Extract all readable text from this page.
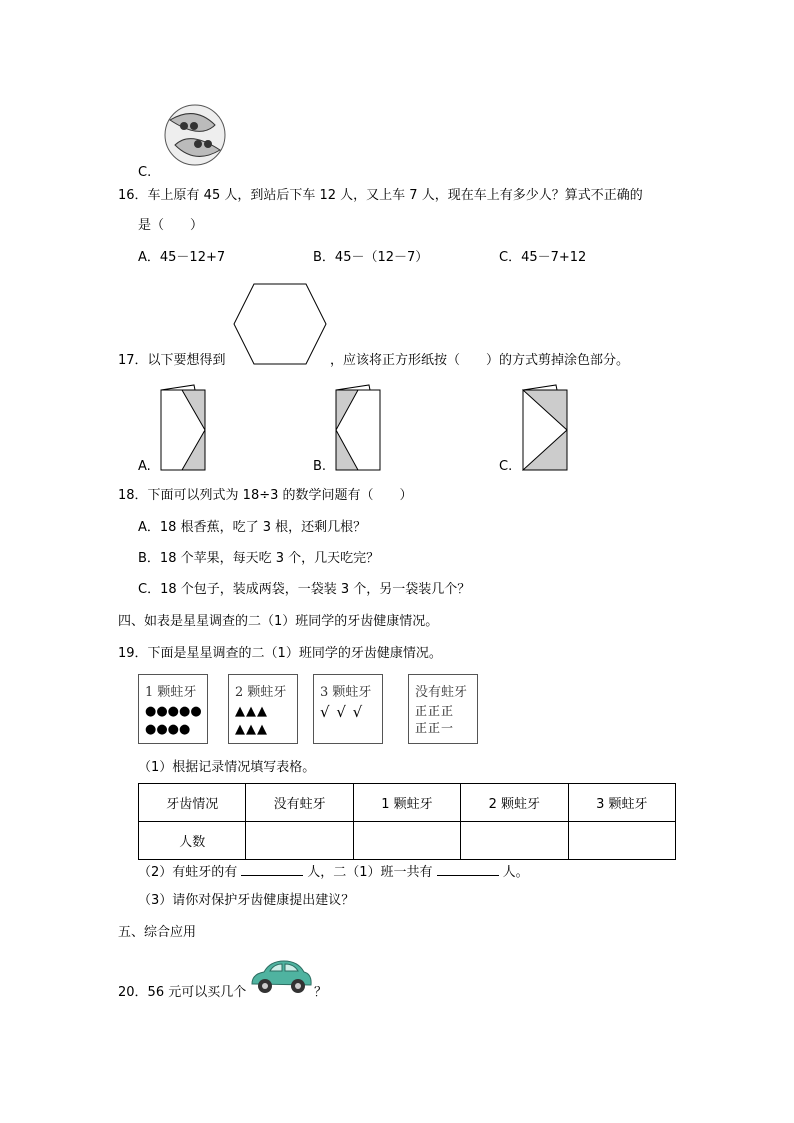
C.
16．车上原有 45 人，到站后下车 12 人，又上车 7 人，现在车上有多少人？算式不正确的
是（　　）
A．45－12+7	B．45－（12－7）	C．45－7+12
17．以下要想得到	，应该将正方形纸按（　　）的方式剪掉涂色部分。
A.	B.	C.
18．下面可以列式为 18÷3 的数学问题有（　　）
A．18 根香蕉，吃了 3 根，还剩几根？
B．18 个苹果，每天吃 3 个，几天吃完？
C．18 个包子，装成两袋，一袋装 3 个，另一袋装几个？
四、如表是星星调查的二（1）班同学的牙齿健康情况。
19．下面是星星调查的二（1）班同学的牙齿健康情况。
1 颗蛀牙
●●●●●
●●●●
2 颗蛀牙
▲▲▲
▲▲▲
3 颗蛀牙
√ √ √
没有蛀牙
正正正
正正一
（1）根据记录情况填写表格。
牙齿情况	没有蛀牙	1 颗蛀牙	2 颗蛀牙	3 颗蛀牙
人数				
（2）有蛀牙的有	人，二（1）班一共有	人。
（3）请你对保护牙齿健康提出建议？
五、综合应用
20．56 元可以买几个	？
